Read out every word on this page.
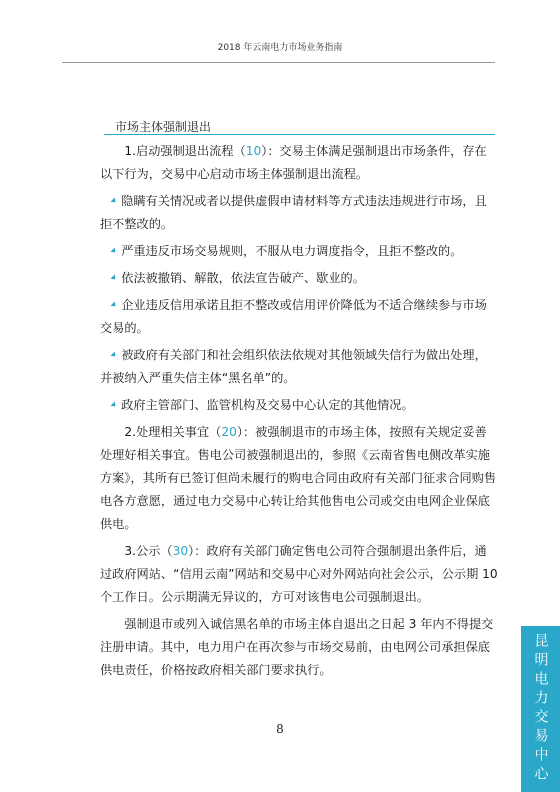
2018 年云南电力市场业务指南
市场主体强制退出

1.启动强制退出流程（10）：交易主体满足强制退出市场条件，存在以下行为，交易中心启动市场主体强制退出流程。

隐瞒有关情况或者以提供虚假申请材料等方式违法违规进行市场，且拒不整改的。

严重违反市场交易规则，不服从电力调度指令，且拒不整改的。

依法被撤销、解散，依法宣告破产、歇业的。

企业违反信用承诺且拒不整改或信用评价降低为不适合继续参与市场交易的。

被政府有关部门和社会组织依法依规对其他领域失信行为做出处理，并被纳入严重失信主体“黑名单”的。

政府主管部门、监管机构及交易中心认定的其他情况。

2.处理相关事宜（20）：被强制退市的市场主体，按照有关规定妥善处理好相关事宜。售电公司被强制退出的，参照《云南省售电侧改革实施方案》，其所有已签订但尚未履行的购电合同由政府有关部门征求合同购售电各方意愿，通过电力交易中心转让给其他售电公司或交由电网企业保底供电。

3.公示（30）：政府有关部门确定售电公司符合强制退出条件后，通过政府网站、“信用云南”网站和交易中心对外网站向社会公示，公示期 10 个工作日。公示期满无异议的，方可对该售电公司强制退出。

强制退市或列入诚信黑名单的市场主体自退出之日起 3 年内不得提交注册申请。其中，电力用户在再次参与市场交易前，由电网公司承担保底供电责任，价格按政府相关部门要求执行。

8	昆明电力交易中心
